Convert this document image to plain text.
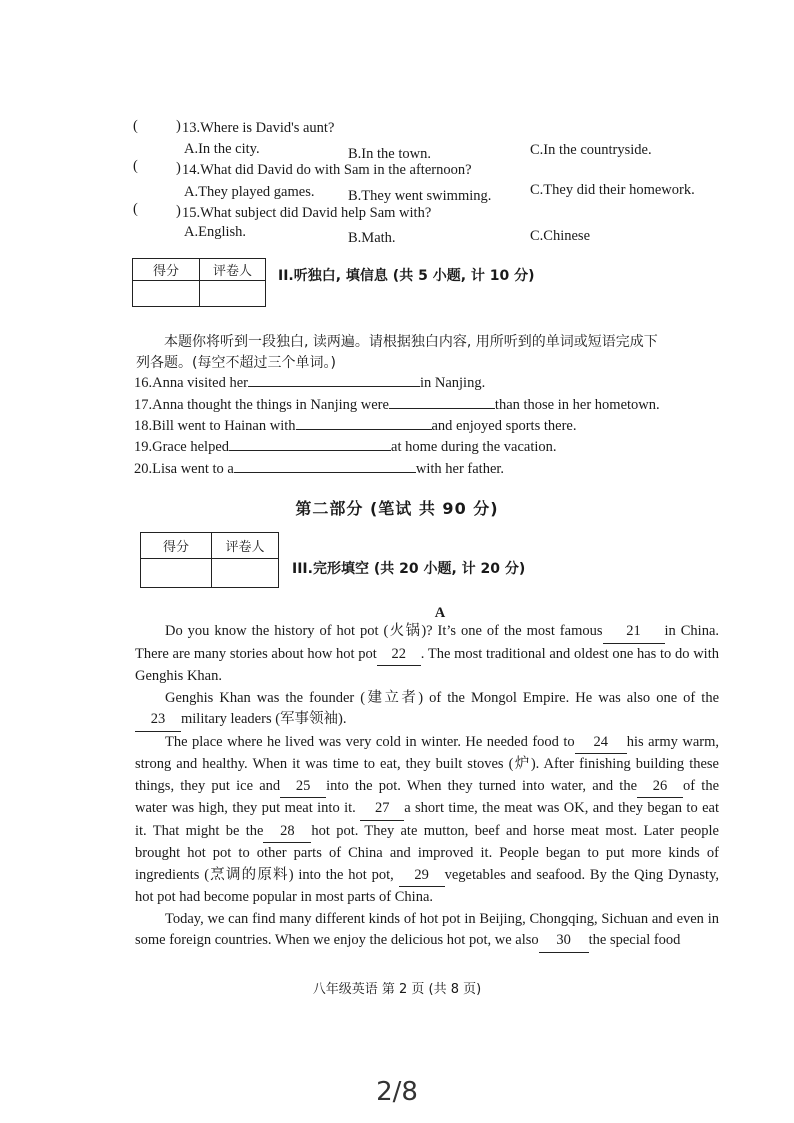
(	) 13.Where is David's aunt?
A.In the city.	B.In the town.	C.In the countryside.
(	) 14.What did David do with Sam in the afternoon?
A.They played games. B.They went swimming.	C.They did their homework.
(	) 15.What subject did David help Sam with?
A.English.	B.Math.	C.Chinese
得分	评卷人
	II.听独白, 填信息 (共 5 小题, 计 10 分)
本题你将听到一段独白, 读两遍。请根据独白内容, 用所听到的单词或短语完成下
列各题。(每空不超过三个单词。)
16.Anna visited her	in Nanjing.
17.Anna thought the things in Nanjing were	than those in her hometown.
18.Bill went to Hainan with	and enjoyed sports there.
19.Grace helped	at home during the vacation.
20.Lisa went to a	with her father.
第二部分 (笔试 共 90 分)
得分	评卷人

III.完形填空 (共 20 小题, 计 20 分)
A

Do you know the history of hot pot (火锅)? It’s one of the most famous 21 in China. There are many stories about how hot pot 22 . The most traditional and oldest one has to do with Genghis Khan.

Genghis Khan was the founder (建立者) of the Mongol Empire. He was also one of the23 military leaders (军事领袖).

The place where he lived was very cold in winter. He needed food to 24 his army warm, strong and healthy. When it was time to eat, they built stoves (炉). After finishing building these things, they put ice and 25 into the pot. When they turned into water, and the 26 of the water was high, they put meat into it. 27 a short time, the meat was OK, and they began to eat it. That might be the 28 hot pot. They ate mutton, beef and horse meat most. Later people brought hot pot to other parts of China and improved it. People began to put more kinds of ingredients (烹调的原料) into the hot pot, 29 vegetables and seafood. By the Qing Dynasty, hot pot had become popular in most parts of China.

Today, we can find many different kinds of hot pot in Beijing, Chongqing, Sichuan and even in some foreign countries. When we enjoy the delicious hot pot, we also 30 the special food

八年级英语 第 2 页 (共 8 页)
2/8
